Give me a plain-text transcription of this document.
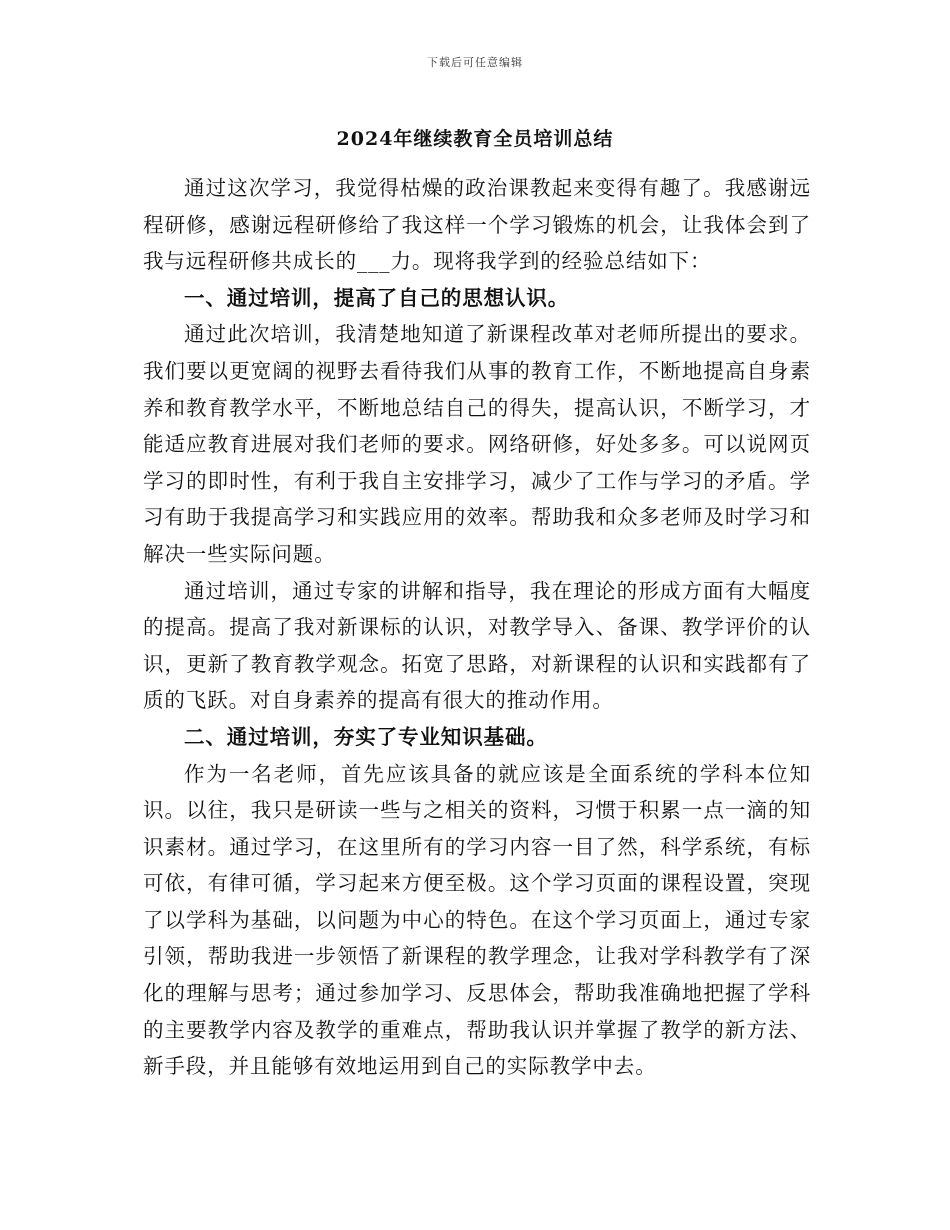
下载后可任意编辑
2024年继续教育全员培训总结

通过这次学习，我觉得枯燥的政治课教起来变得有趣了。我感谢远程研修，感谢远程研修给了我这样一个学习锻炼的机会，让我体会到了我与远程研修共成长的___力。现将我学到的经验总结如下：

一、通过培训，提高了自己的思想认识。

通过此次培训，我清楚地知道了新课程改革对老师所提出的要求。我们要以更宽阔的视野去看待我们从事的教育工作，不断地提高自身素养和教育教学水平，不断地总结自己的得失，提高认识，不断学习，才能适应教育进展对我们老师的要求。网络研修，好处多多。可以说网页学习的即时性，有利于我自主安排学习，减少了工作与学习的矛盾。学习有助于我提高学习和实践应用的效率。帮助我和众多老师及时学习和解决一些实际问题。

通过培训，通过专家的讲解和指导，我在理论的形成方面有大幅度的提高。提高了我对新课标的认识，对教学导入、备课、教学评价的认识，更新了教育教学观念。拓宽了思路，对新课程的认识和实践都有了质的飞跃。对自身素养的提高有很大的推动作用。

二、通过培训，夯实了专业知识基础。

作为一名老师，首先应该具备的就应该是全面系统的学科本位知识。以往，我只是研读一些与之相关的资料，习惯于积累一点一滴的知识素材。通过学习，在这里所有的学习内容一目了然，科学系统，有标可依，有律可循，学习起来方便至极。这个学习页面的课程设置，突现了以学科为基础，以问题为中心的特色。在这个学习页面上，通过专家引领，帮助我进一步领悟了新课程的教学理念，让我对学科教学有了深化的理解与思考；通过参加学习、反思体会，帮助我准确地把握了学科的主要教学内容及教学的重难点，帮助我认识并掌握了教学的新方法、新手段，并且能够有效地运用到自己的实际教学中去。
